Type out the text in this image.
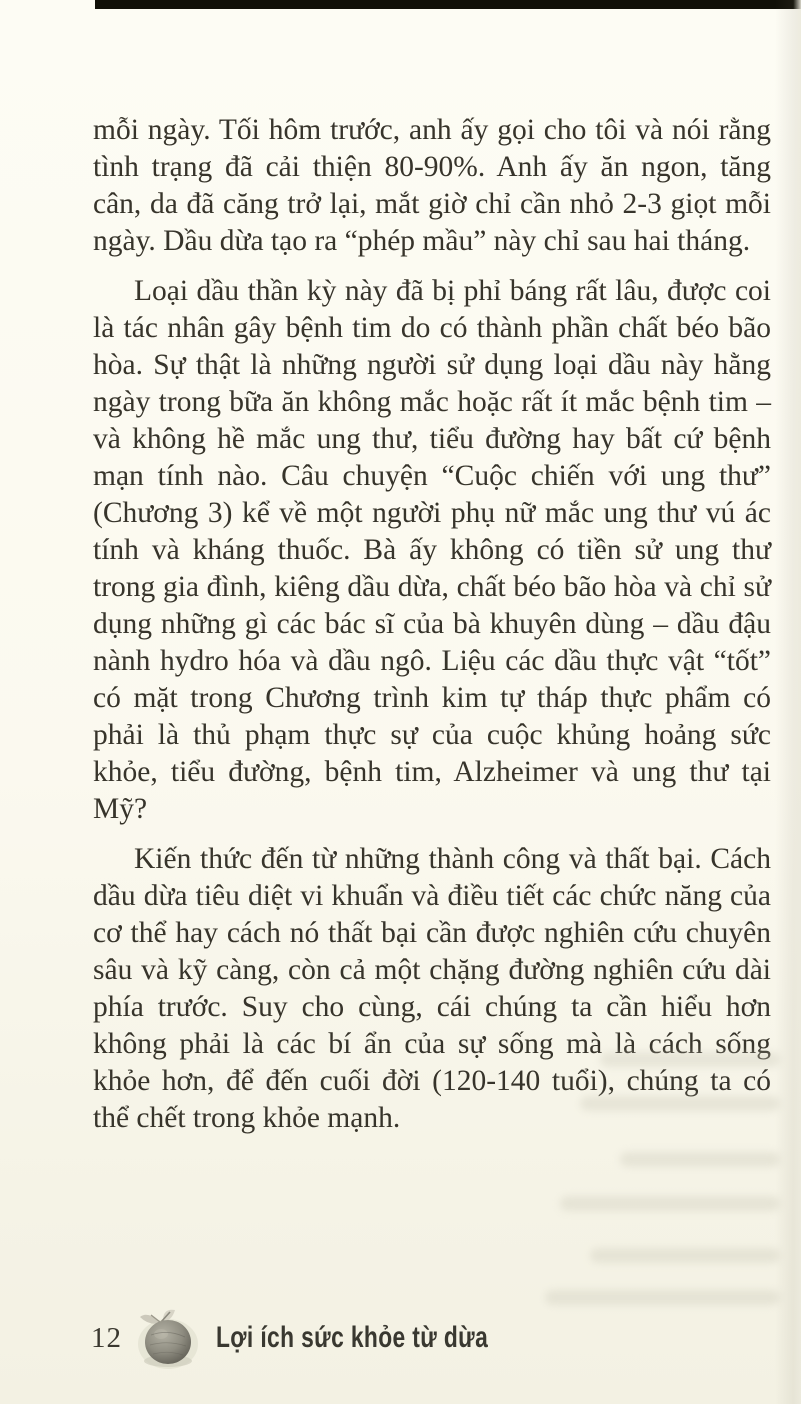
mỗi ngày. Tối hôm trước, anh ấy gọi cho tôi và nói rằng tình trạng đã cải thiện 80-90%. Anh ấy ăn ngon, tăng cân, da đã căng trở lại, mắt giờ chỉ cần nhỏ 2-3 giọt mỗi ngày. Dầu dừa tạo ra “phép mầu” này chỉ sau hai tháng.

Loại dầu thần kỳ này đã bị phỉ báng rất lâu, được coi là tác nhân gây bệnh tim do có thành phần chất béo bão hòa. Sự thật là những người sử dụng loại dầu này hằng ngày trong bữa ăn không mắc hoặc rất ít mắc bệnh tim – và không hề mắc ung thư, tiểu đường hay bất cứ bệnh mạn tính nào. Câu chuyện “Cuộc chiến với ung thư” (Chương 3) kể về một người phụ nữ mắc ung thư vú ác tính và kháng thuốc. Bà ấy không có tiền sử ung thư trong gia đình, kiêng dầu dừa, chất béo bão hòa và chỉ sử dụng những gì các bác sĩ của bà khuyên dùng – dầu đậu nành hydro hóa và dầu ngô. Liệu các dầu thực vật “tốt” có mặt trong Chương trình kim tự tháp thực phẩm có phải là thủ phạm thực sự của cuộc khủng hoảng sức khỏe, tiểu đường, bệnh tim, Alzheimer và ung thư tại Mỹ?

Kiến thức đến từ những thành công và thất bại. Cách dầu dừa tiêu diệt vi khuẩn và điều tiết các chức năng của cơ thể hay cách nó thất bại cần được nghiên cứu chuyên sâu và kỹ càng, còn cả một chặng đường nghiên cứu dài phía trước. Suy cho cùng, cái chúng ta cần hiểu hơn không phải là các bí ẩn của sự sống mà là cách sống khỏe hơn, để đến cuối đời (120-140 tuổi), chúng ta có thể chết trong khỏe mạnh.

12	Lợi ích sức khỏe từ dừa
